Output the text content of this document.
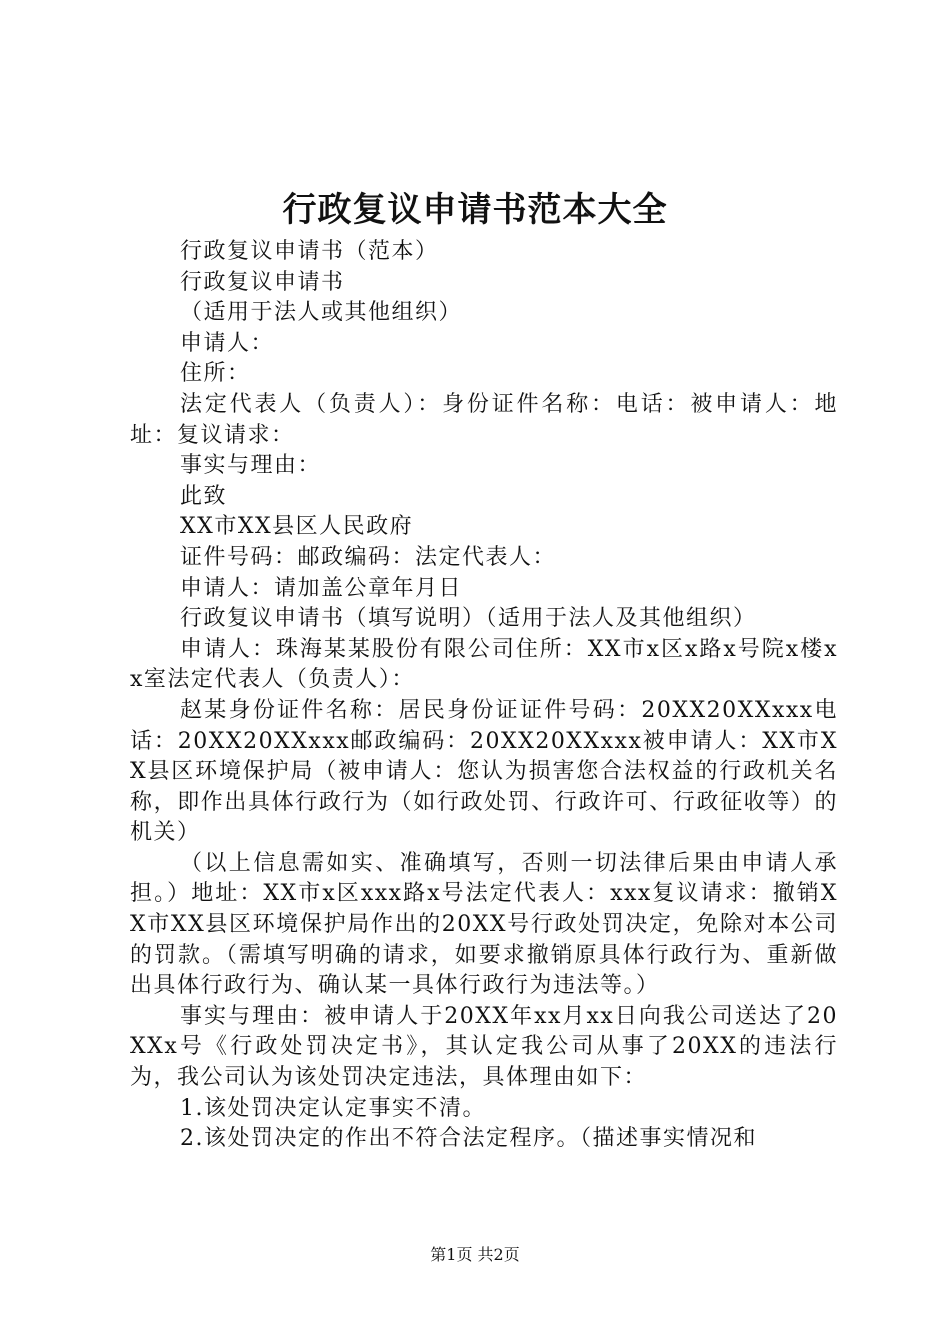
行政复议申请书范本大全

行政复议申请书（范本）

行政复议申请书

（适用于法人或其他组织）

申请人：

住所：

法定代表人（负责人）：身份证件名称：电话：被申请人：地址：复议请求：

事实与理由：

此致

XX市XX县区人民政府

证件号码：邮政编码：法定代表人：

申请人：请加盖公章年月日

行政复议申请书（填写说明）（适用于法人及其他组织）

申请人：珠海某某股份有限公司住所：XX市x区x路x号院x楼xx室法定代表人（负责人）：

赵某身份证件名称：居民身份证证件号码：20XX20XXxxx电话：20XX20XXxxx邮政编码：20XX20XXxxx被申请人：XX市XX县区环境保护局（被申请人：您认为损害您合法权益的行政机关名称，即作出具体行政行为（如行政处罚、行政许可、行政征收等）的机关）

（以上信息需如实、准确填写，否则一切法律后果由申请人承担。）地址：XX市x区xxx路x号法定代表人：xxx复议请求：撤销XX市XX县区环境保护局作出的20XX号行政处罚决定，免除对本公司的罚款。（需填写明确的请求，如要求撤销原具体行政行为、重新做出具体行政行为、确认某一具体行政行为违法等。）

事实与理由：被申请人于20XX年xx月xx日向我公司送达了20XXx号《行政处罚决定书》，其认定我公司从事了20XX的违法行为，我公司认为该处罚决定违法，具体理由如下：

1.该处罚决定认定事实不清。

2.该处罚决定的作出不符合法定程序。（描述事实情况和

第1页 共2页
